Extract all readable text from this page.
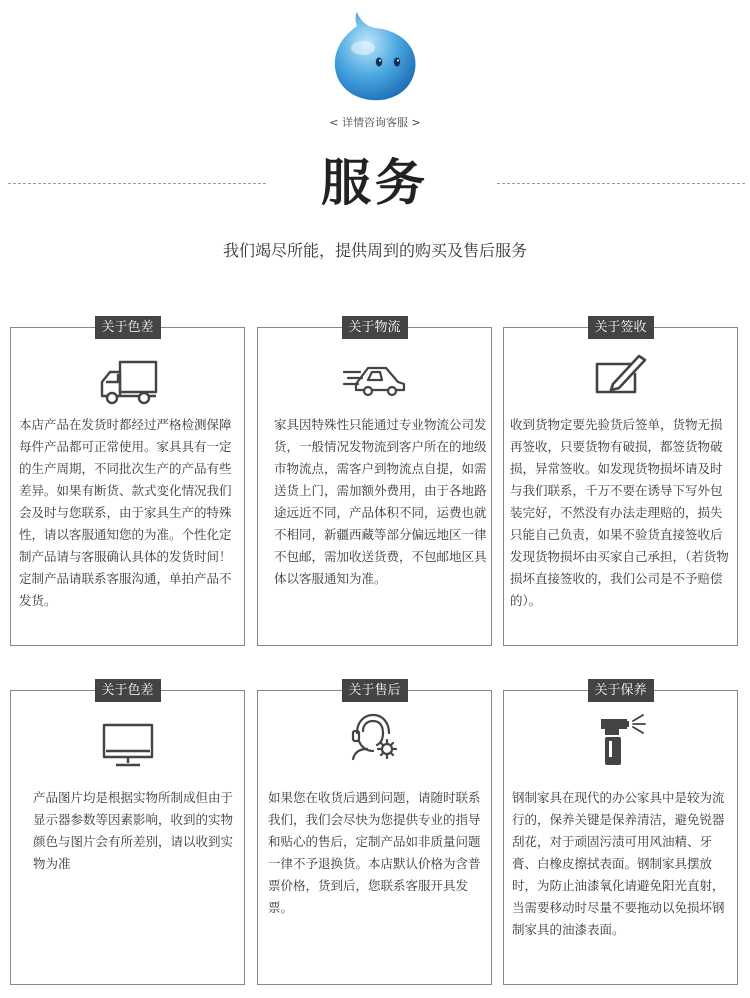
< 详情咨询客服 >
服务
我们竭尽所能，提供周到的购买及售后服务
关于色差
本店产品在发货时都经过严格检测保障每件产品都可正常使用。家具具有一定的生产周期，不同批次生产的产品有些差异。如果有断货、款式变化情况我们会及时与您联系，由于家具生产的特殊性，请以客服通知您的为准。个性化定制产品请与客服确认具体的发货时间！定制产品请联系客服沟通，单拍产品不发货。
关于物流
家具因特殊性只能通过专业物流公司发货，一般情况发物流到客户所在的地级市物流点，需客户到物流点自提，如需送货上门，需加额外费用，由于各地路途远近不同，产品体积不同，运费也就不相同，新疆西藏等部分偏远地区一律不包邮，需加收送货费，不包邮地区具体以客服通知为准。
关于签收
收到货物定要先验货后签单，货物无损再签收，只要货物有破损，都签货物破损，异常签收。如发现货物损坏请及时与我们联系，千万不要在诱导下写外包装完好，不然没有办法走理赔的，损失只能自己负责，如果不验货直接签收后发现货物损坏由买家自己承担，（若货物损坏直接签收的，我们公司是不予赔偿的）。
关于色差
产品图片均是根据实物所制成但由于显示器参数等因素影响，收到的实物颜色与图片会有所差别，请以收到实物为准
关于售后
如果您在收货后遇到问题，请随时联系我们，我们会尽快为您提供专业的指导和贴心的售后，定制产品如非质量问题一律不予退换货。本店默认价格为含普票价格，货到后，您联系客服开具发票。
关于保养
钢制家具在现代的办公家具中是较为流行的，保养关键是保养清洁，避免锐器刮花，对于顽固污渍可用风油精、牙膏、白橡皮擦拭表面。钢制家具摆放时，为防止油漆氧化请避免阳光直射，当需要移动时尽量不要拖动以免损坏钢制家具的油漆表面。
